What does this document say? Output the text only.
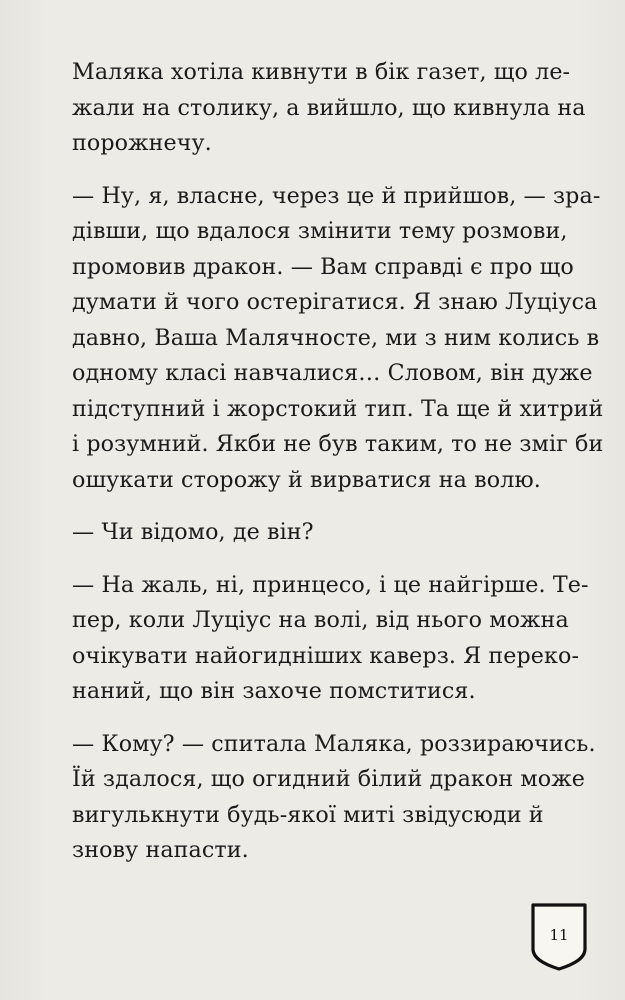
Маляка хотіла кивнути в бік газет, що ле-
жали на столику, а вийшло, що кивнула на
порожнечу.

— Ну, я, власне, через це й прийшов, — зра-
дівши, що вдалося змінити тему розмови,
промовив дракон. — Вам справді є про що
думати й чого остерігатися. Я знаю Луціуса
давно, Ваша Малячносте, ми з ним колись в
одному класі навчалися… Словом, він дуже
підступний і жорстокий тип. Та ще й хитрий
і розумний. Якби не був таким, то не зміг би
ошукати сторожу й вирватися на волю.

— Чи відомо, де він?

— На жаль, ні, принцесо, і це найгірше. Те-
пер, коли Луціус на волі, від нього можна
очікувати найогидніших каверз. Я переко-
наний, що він захоче помститися.

— Кому? — спитала Маляка, роззираючись.
Їй здалося, що огидний білий дракон може
вигулькнути будь-якої миті звідусюди й
знову напасти.

11
